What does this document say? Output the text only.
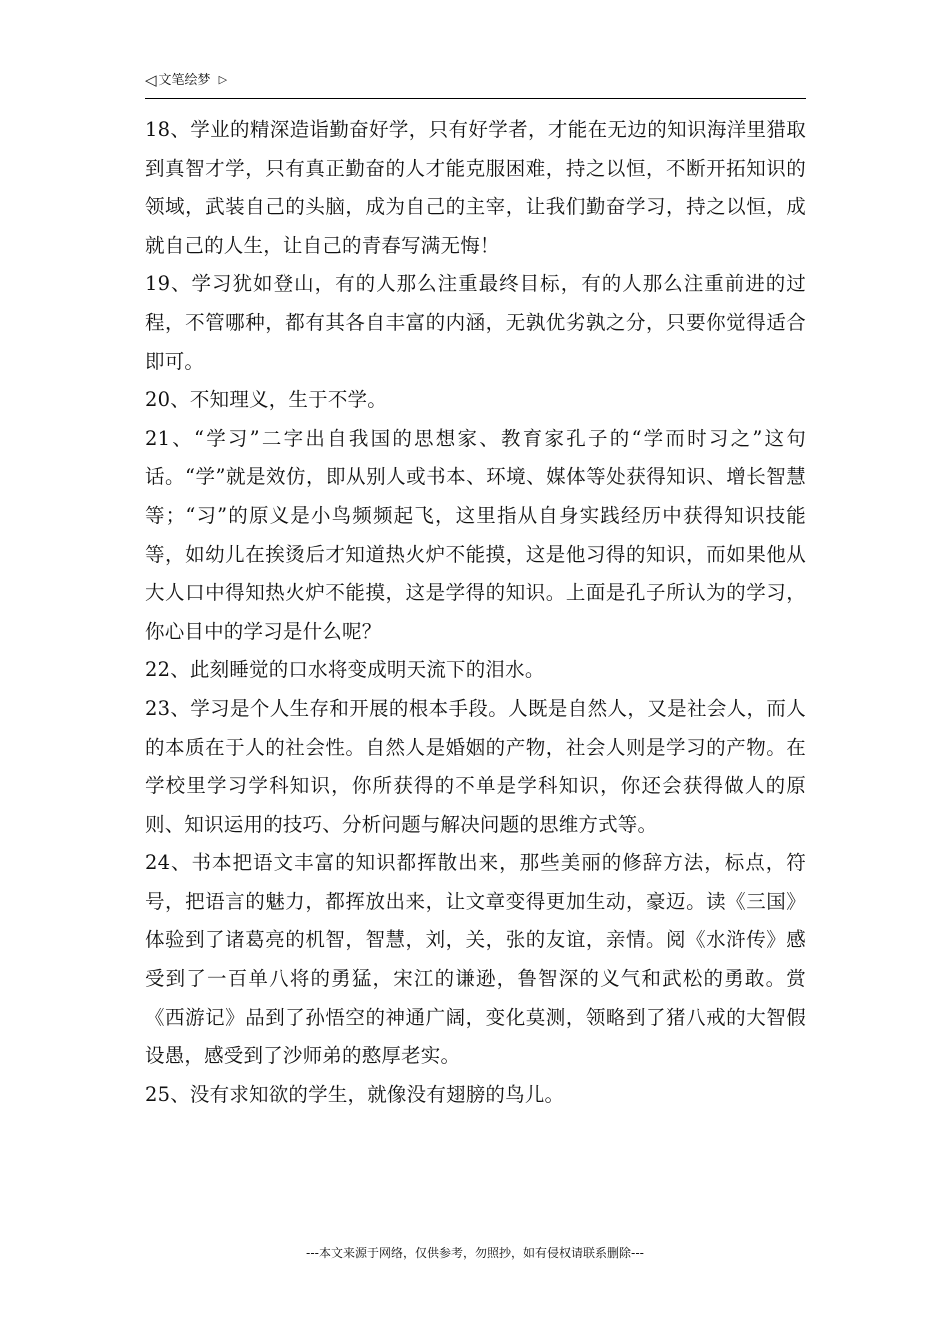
◁ 文笔绘梦 ▷

18、学业的精深造诣勤奋好学，只有好学者，才能在无边的知识海洋里猎取到真智才学，只有真正勤奋的人才能克服困难，持之以恒，不断开拓知识的领域，武装自己的头脑，成为自己的主宰，让我们勤奋学习，持之以恒，成就自己的人生，让自己的青春写满无悔！

19、学习犹如登山，有的人那么注重最终目标，有的人那么注重前进的过程，不管哪种，都有其各自丰富的内涵，无孰优劣孰之分，只要你觉得适合即可。

20、不知理义，生于不学。

21、“学习”二字出自我国的思想家、教育家孔子的“学而时习之”这句话。“学”就是效仿，即从别人或书本、环境、媒体等处获得知识、增长智慧等；“习”的原义是小鸟频频起飞，这里指从自身实践经历中获得知识技能等，如幼儿在挨烫后才知道热火炉不能摸，这是他习得的知识，而如果他从大人口中得知热火炉不能摸，这是学得的知识。上面是孔子所认为的学习，你心目中的学习是什么呢？

22、此刻睡觉的口水将变成明天流下的泪水。

23、学习是个人生存和开展的根本手段。人既是自然人，又是社会人，而人的本质在于人的社会性。自然人是婚姻的产物，社会人则是学习的产物。在学校里学习学科知识，你所获得的不单是学科知识，你还会获得做人的原则、知识运用的技巧、分析问题与解决问题的思维方式等。

24、书本把语文丰富的知识都挥散出来，那些美丽的修辞方法，标点，符号，把语言的魅力，都挥放出来，让文章变得更加生动，豪迈。读《三国》体验到了诸葛亮的机智，智慧，刘，关，张的友谊，亲情。阅《水浒传》感受到了一百单八将的勇猛，宋江的谦逊，鲁智深的义气和武松的勇敢。赏《西游记》品到了孙悟空的神通广阔，变化莫测，领略到了猪八戒的大智假设愚，感受到了沙师弟的憨厚老实。

25、没有求知欲的学生，就像没有翅膀的鸟儿。

---本文来源于网络，仅供参考，勿照抄，如有侵权请联系删除---
